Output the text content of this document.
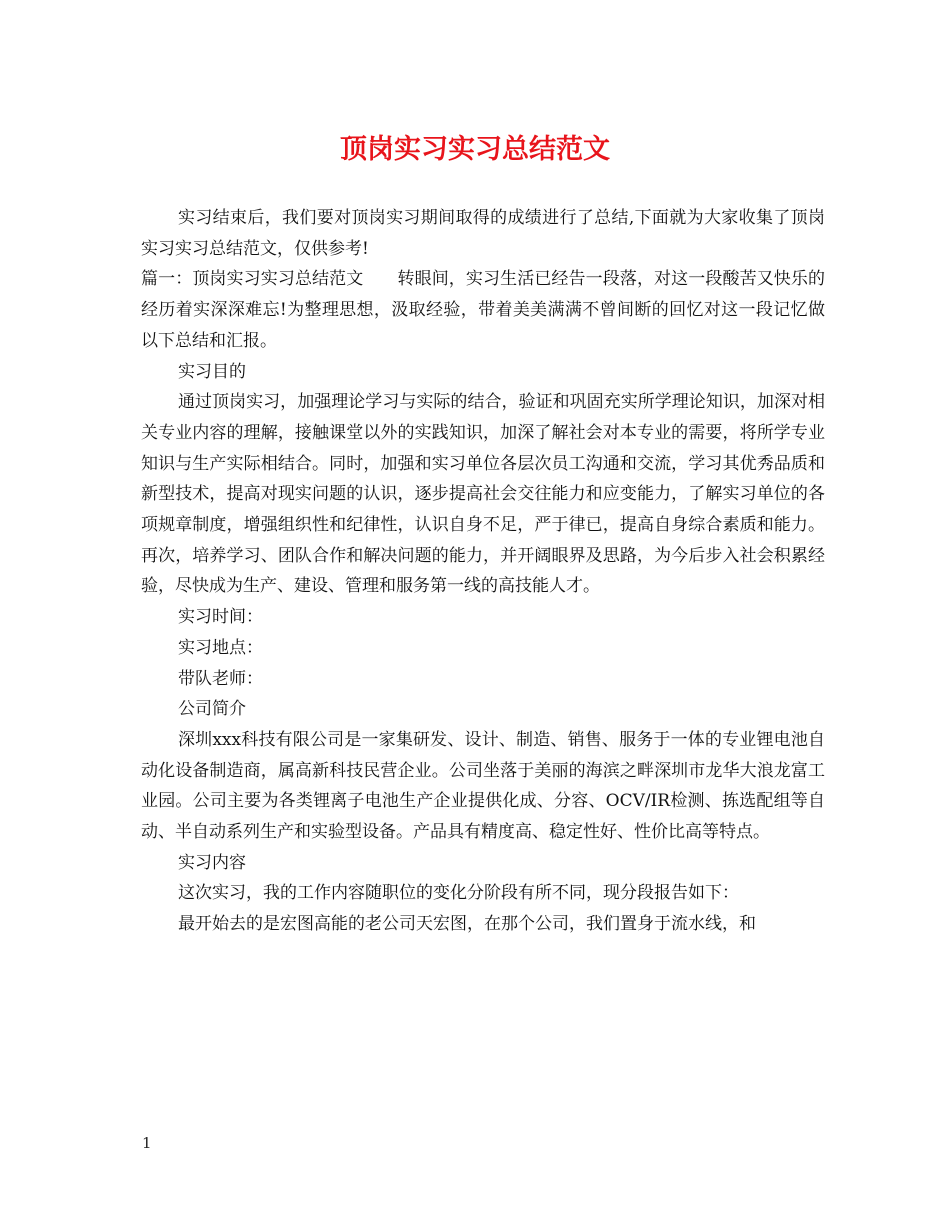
顶岗实习实习总结范文

实习结束后，我们要对顶岗实习期间取得的成绩进行了总结,下面就为大家收集了顶岗实习实习总结范文，仅供参考!

篇一：顶岗实习实习总结范文 转眼间，实习生活已经告一段落，对这一段酸苦又快乐的经历着实深深难忘!为整理思想，汲取经验，带着美美满满不曾间断的回忆对这一段记忆做以下总结和汇报。

实习目的

通过顶岗实习，加强理论学习与实际的结合，验证和巩固充实所学理论知识，加深对相关专业内容的理解，接触课堂以外的实践知识，加深了解社会对本专业的需要，将所学专业知识与生产实际相结合。同时，加强和实习单位各层次员工沟通和交流，学习其优秀品质和新型技术，提高对现实问题的认识，逐步提高社会交往能力和应变能力，了解实习单位的各项规章制度，增强组织性和纪律性，认识自身不足，严于律已，提高自身综合素质和能力。再次，培养学习、团队合作和解决问题的能力，并开阔眼界及思路，为今后步入社会积累经验，尽快成为生产、建设、管理和服务第一线的高技能人才。

实习时间：

实习地点：

带队老师：

公司简介

深圳xxx科技有限公司是一家集研发、设计、制造、销售、服务于一体的专业锂电池自动化设备制造商，属高新科技民营企业。公司坐落于美丽的海滨之畔深圳市龙华大浪龙富工业园。公司主要为各类锂离子电池生产企业提供化成、分容、OCV/IR检测、拣选配组等自动、半自动系列生产和实验型设备。产品具有精度高、稳定性好、性价比高等特点。

实习内容

这次实习，我的工作内容随职位的变化分阶段有所不同，现分段报告如下：

最开始去的是宏图高能的老公司天宏图，在那个公司，我们置身于流水线，和

1
